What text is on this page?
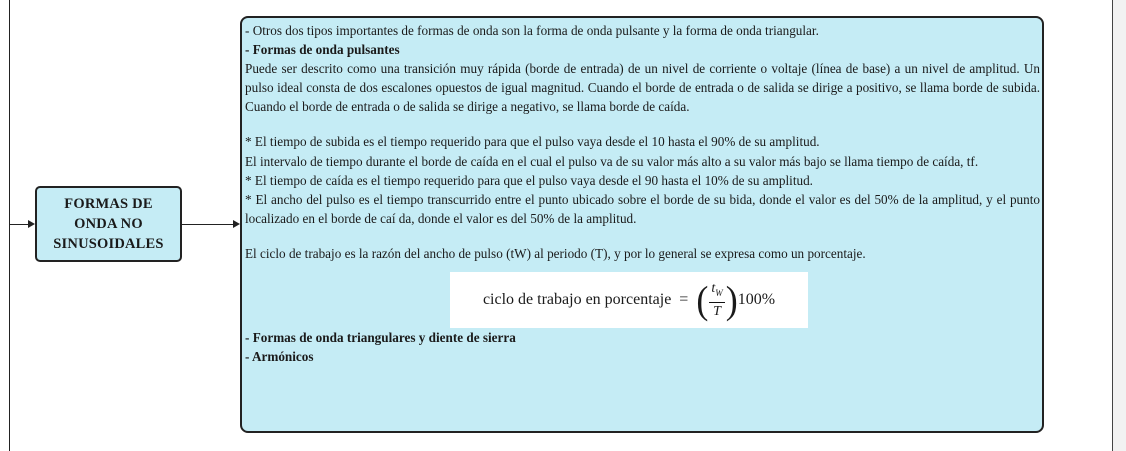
FORMAS DE ONDA NO SINUSOIDALES

- Otros dos tipos importantes de formas de onda son la forma de onda pulsante y la forma de onda triangular.

- Formas de onda pulsantes

Puede ser descrito como una transición muy rápida (borde de entrada) de un nivel de corriente o voltaje (línea de base) a un nivel de amplitud. Un pulso ideal consta de dos escalones opuestos de igual magnitud. Cuando el borde de entrada o de salida se dirige a positivo, se llama borde de subida. Cuando el borde de entrada o de salida se dirige a negativo, se llama borde de caída.

* El tiempo de subida es el tiempo requerido para que el pulso vaya desde el 10 hasta el 90% de su amplitud.

El intervalo de tiempo durante el borde de caída en el cual el pulso va de su valor más alto a su valor más bajo se llama tiempo de caída, tf.

* El tiempo de caída es el tiempo requerido para que el pulso vaya desde el 90 hasta el 10% de su amplitud.

* El ancho del pulso es el tiempo transcurrido entre el punto ubicado sobre el borde de su bida, donde el valor es del 50% de la amplitud, y el punto localizado en el borde de caí da, donde el valor es del 50% de la amplitud.

El ciclo de trabajo es la razón del ancho de pulso (tW) al periodo (T), y por lo general se expresa como un porcentaje.

ciclo de trabajo en porcentaje = ( $\frac{t_W}{T}$ ) 100%

- Formas de onda triangulares y diente de sierra

- Armónicos
